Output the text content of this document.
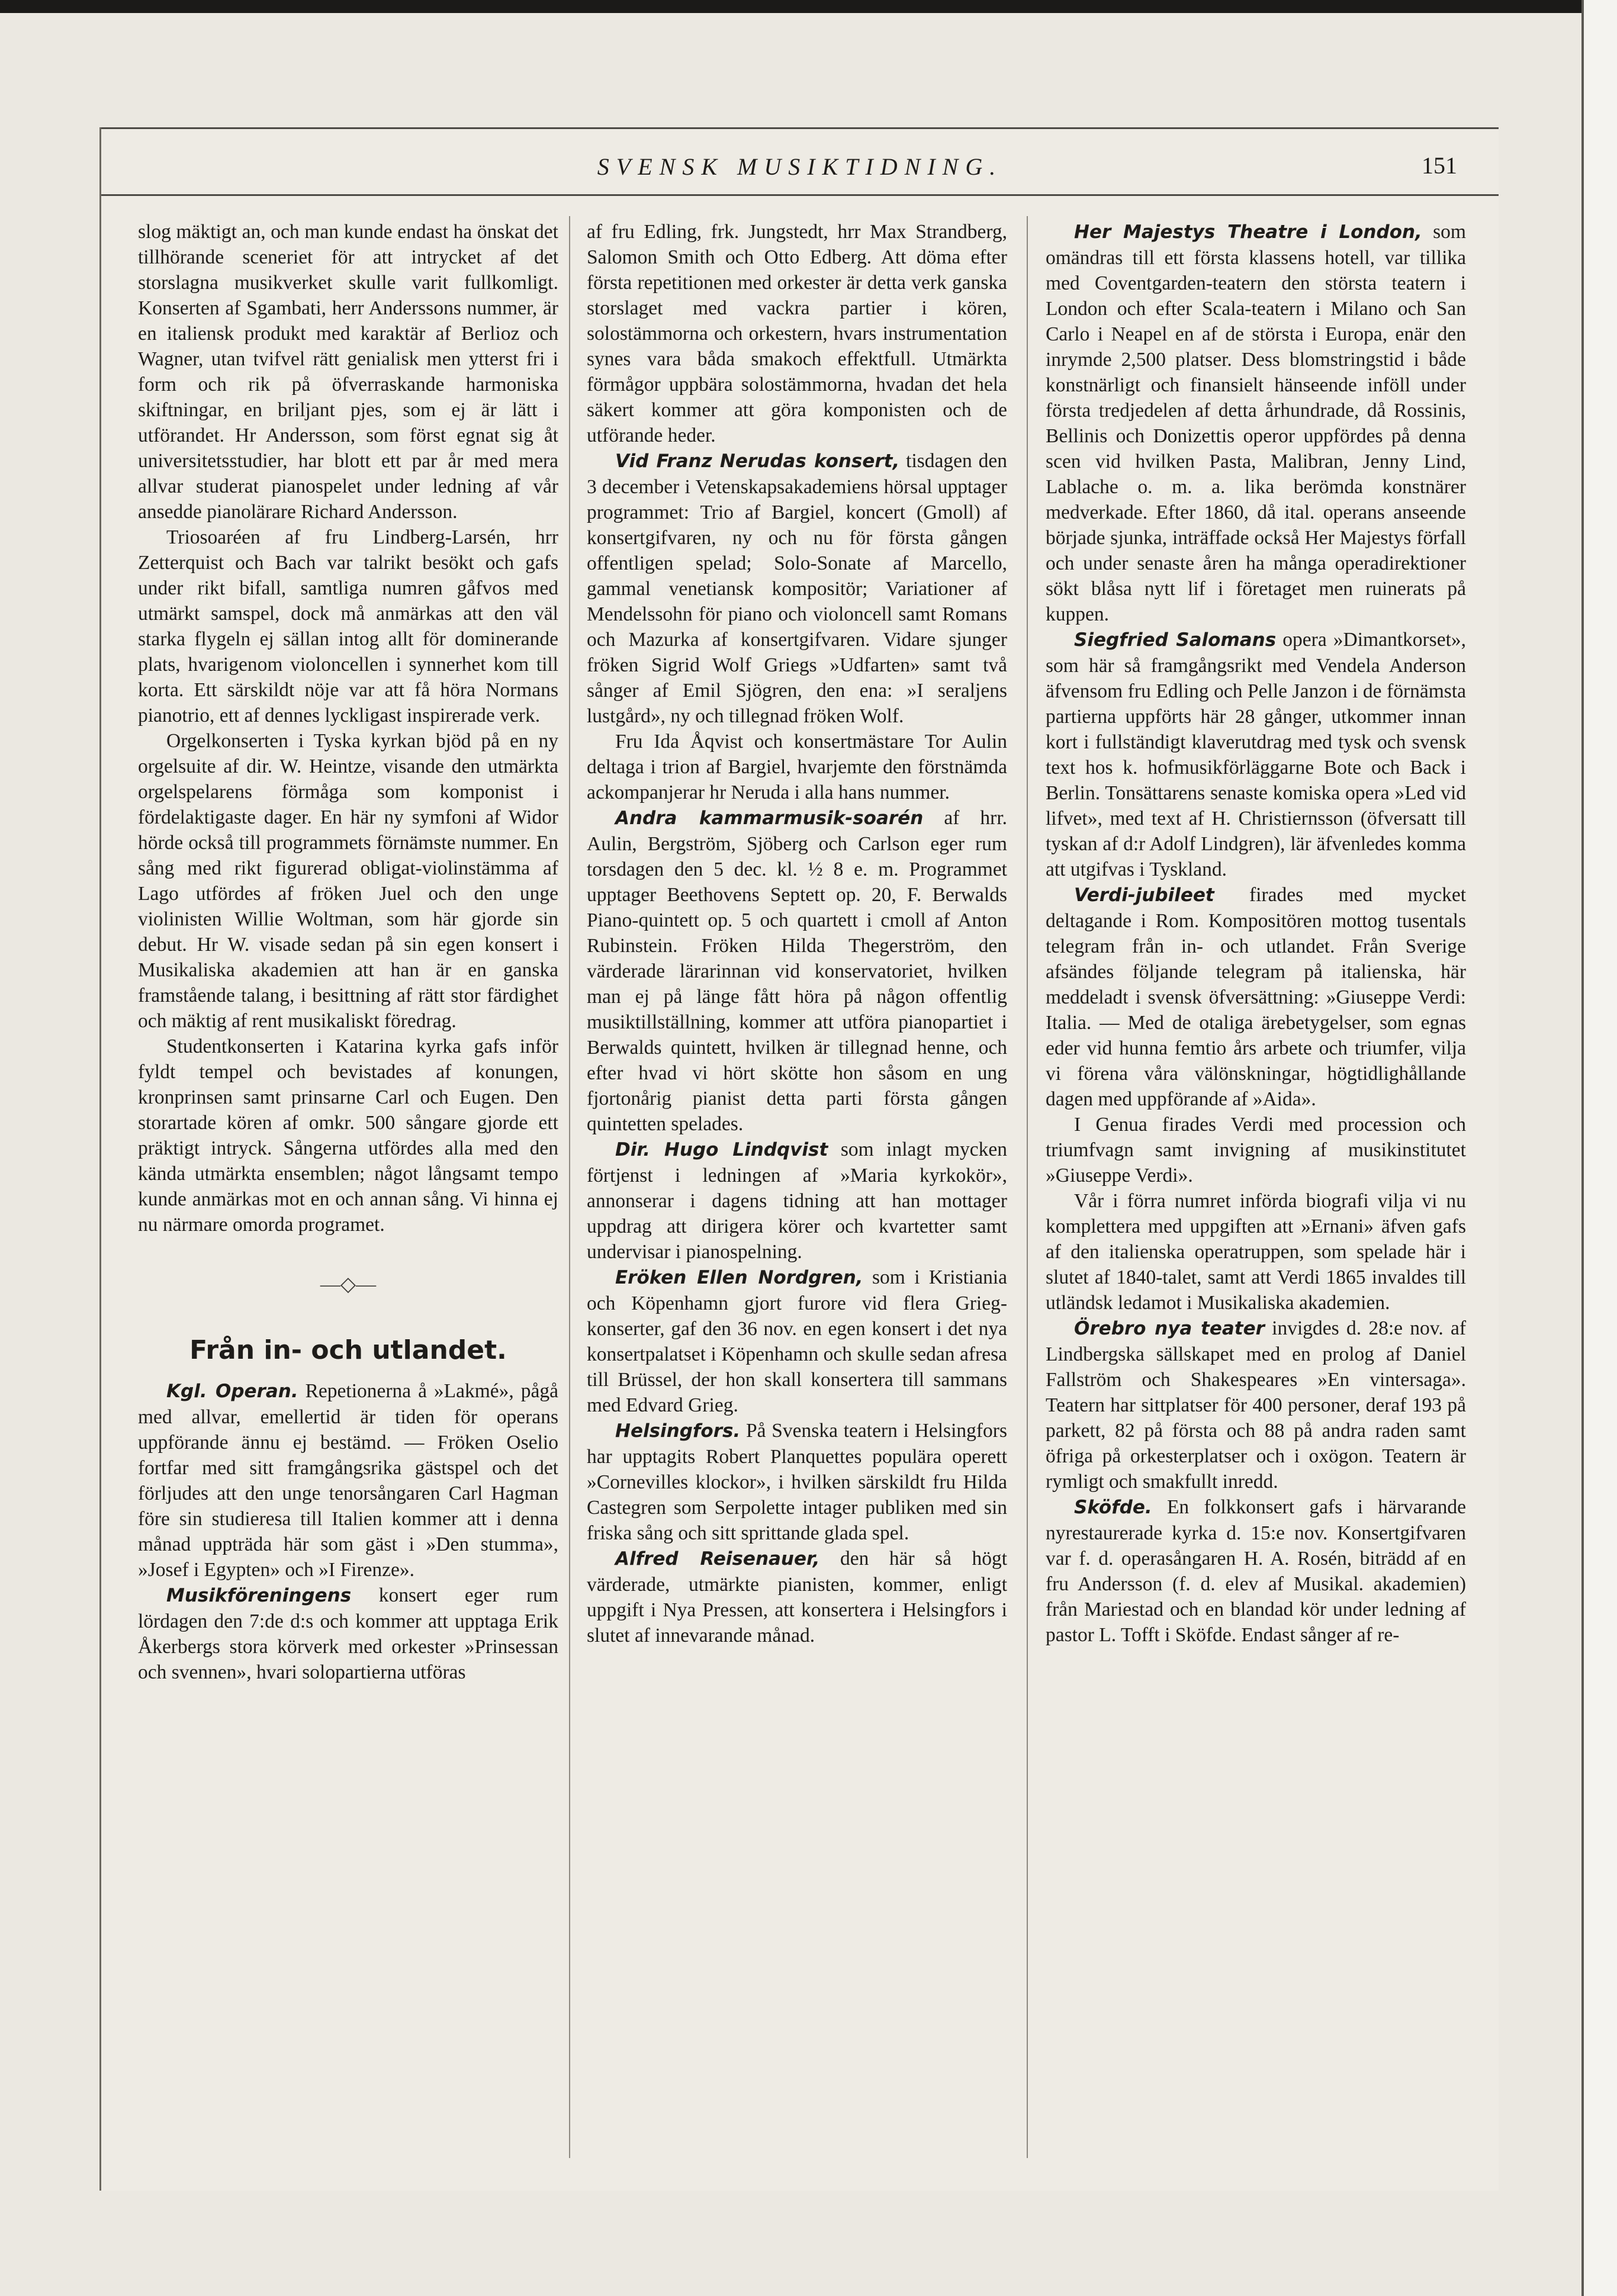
SVENSK MUSIKTIDNING.	151

slog mäktigt an, och man kunde endast ha önskat det tillhörande sceneriet för att intrycket af det storslagna musikverket skulle varit fullkomligt. Konserten af Sgambati, herr Anderssons nummer, är en italiensk produkt med karaktär af Berlioz och Wagner, utan tvifvel rätt genialisk men ytterst fri i form och rik på öfverraskande harmoniska skiftningar, en briljant pjes, som ej är lätt i utförandet. Hr Andersson, som först egnat sig åt universitetsstudier, har blott ett par år med mera allvar studerat pianospelet under ledning af vår ansedde pianolärare Richard Andersson.

Triosoaréen af fru Lindberg-Larsén, hrr Zetterquist och Bach var talrikt besökt och gafs under rikt bifall, samtliga numren gåfvos med utmärkt samspel, dock må anmärkas att den väl starka flygeln ej sällan intog allt för dominerande plats, hvarigenom violoncellen i synnerhet kom till korta. Ett särskildt nöje var att få höra Normans pianotrio, ett af dennes lyckligast inspirerade verk.

Orgelkonserten i Tyska kyrkan bjöd på en ny orgelsuite af dir. W. Heintze, visande den utmärkta orgelspelarens förmåga som komponist i fördelaktigaste dager. En här ny symfoni af Widor hörde också till programmets förnämste nummer. En sång med rikt figurerad obligat-violinstämma af Lago utfördes af fröken Juel och den unge violinisten Willie Woltman, som här gjorde sin debut. Hr W. visade sedan på sin egen konsert i Musikaliska akademien att han är en ganska framstående talang, i besittning af rätt stor färdighet och mäktig af rent musikaliskt föredrag.

Studentkonserten i Katarina kyrka gafs inför fyldt tempel och bevistades af konungen, kronprinsen samt prinsarne Carl och Eugen. Den storartade kören af omkr. 500 sångare gjorde ett präktigt intryck. Sångerna utfördes alla med den kända utmärkta ensemblen; något långsamt tempo kunde anmärkas mot en och annan sång. Vi hinna ej nu närmare omorda programet.

—◇—
Från in- och utlandet.

Kgl. Operan. Repetionerna å »Lakmé», pågå med allvar, emellertid är tiden för operans uppförande ännu ej bestämd. — Fröken Oselio fortfar med sitt framgångsrika gästspel och det förljudes att den unge tenorsångaren Carl Hagman före sin studieresa till Italien kommer att i denna månad uppträda här som gäst i »Den stumma», »Josef i Egypten» och »I Firenze».

Musikföreningens konsert eger rum lördagen den 7:de d:s och kommer att upptaga Erik Åkerbergs stora körverk med orkester »Prinsessan och svennen», hvari solopartierna utföras

af fru Edling, frk. Jungstedt, hrr Max Strandberg, Salomon Smith och Otto Edberg. Att döma efter första repetitionen med orkester är detta verk ganska storslaget med vackra partier i kören, solostämmorna och orkestern, hvars instrumentation synes vara båda smakoch effektfull. Utmärkta förmågor uppbära solostämmorna, hvadan det hela säkert kommer att göra komponisten och de utförande heder.

Vid Franz Nerudas konsert, tisdagen den 3 december i Vetenskapsakademiens hörsal upptager programmet: Trio af Bargiel, koncert (Gmoll) af konsertgifvaren, ny och nu för första gången offentligen spelad; Solo-Sonate af Marcello, gammal venetiansk kompositör; Variationer af Mendelssohn för piano och violoncell samt Romans och Mazurka af konsertgifvaren. Vidare sjunger fröken Sigrid Wolf Griegs »Udfarten» samt två sånger af Emil Sjögren, den ena: »I seraljens lustgård», ny och tillegnad fröken Wolf.

Fru Ida Åqvist och konsertmästare Tor Aulin deltaga i trion af Bargiel, hvarjemte den förstnämda ackompanjerar hr Neruda i alla hans nummer.

Andra kammarmusik-soarén af hrr. Aulin, Bergström, Sjöberg och Carlson eger rum torsdagen den 5 dec. kl. ½ 8 e. m. Programmet upptager Beethovens Septett op. 20, F. Berwalds Piano-quintett op. 5 och quartett i cmoll af Anton Rubinstein. Fröken Hilda Thegerström, den värderade lärarinnan vid konservatoriet, hvilken man ej på länge fått höra på någon offentlig musiktillställning, kommer att utföra pianopartiet i Berwalds quintett, hvilken är tillegnad henne, och efter hvad vi hört skötte hon såsom en ung fjortonårig pianist detta parti första gången quintetten spelades.

Dir. Hugo Lindqvist som inlagt mycken förtjenst i ledningen af »Maria kyrkokör», annonserar i dagens tidning att han mottager uppdrag att dirigera körer och kvartetter samt undervisar i pianospelning.

Eröken Ellen Nordgren, som i Kristiania och Köpenhamn gjort furore vid flera Grieg-konserter, gaf den 36 nov. en egen konsert i det nya konsertpalatset i Köpenhamn och skulle sedan afresa till Brüssel, der hon skall konsertera till sammans med Edvard Grieg.

Helsingfors. På Svenska teatern i Helsingfors har upptagits Robert Planquettes populära operett »Cornevilles klockor», i hvilken särskildt fru Hilda Castegren som Serpolette intager publiken med sin friska sång och sitt sprittande glada spel.

Alfred Reisenauer, den här så högt värderade, utmärkte pianisten, kommer, enligt uppgift i Nya Pressen, att konsertera i Helsingfors i slutet af innevarande månad.

Her Majestys Theatre i London, som omändras till ett första klassens hotell, var tillika med Coventgarden-teatern den största teatern i London och efter Scala-teatern i Milano och San Carlo i Neapel en af de största i Europa, enär den inrymde 2,500 platser. Dess blomstringstid i både konstnärligt och finansielt hänseende inföll under första tredjedelen af detta århundrade, då Rossinis, Bellinis och Donizettis operor uppfördes på denna scen vid hvilken Pasta, Malibran, Jenny Lind, Lablache o. m. a. lika berömda konstnärer medverkade. Efter 1860, då ital. operans anseende började sjunka, inträffade också Her Majestys förfall och under senaste åren ha många operadirektioner sökt blåsa nytt lif i företaget men ruinerats på kuppen.

Siegfried Salomans opera »Dimantkorset», som här så framgångsrikt med Vendela Anderson äfvensom fru Edling och Pelle Janzon i de förnämsta partierna uppförts här 28 gånger, utkommer innan kort i fullständigt klaverutdrag med tysk och svensk text hos k. hofmusikförläggarne Bote och Back i Berlin. Tonsättarens senaste komiska opera »Led vid lifvet», med text af H. Christiernsson (öfversatt till tyskan af d:r Adolf Lindgren), lär äfvenledes komma att utgifvas i Tyskland.

Verdi-jubileet firades med mycket deltagande i Rom. Kompositören mottog tusentals telegram från in- och utlandet. Från Sverige afsändes följande telegram på italienska, här meddeladt i svensk öfversättning: »Giuseppe Verdi: Italia. — Med de otaliga ärebetygelser, som egnas eder vid hunna femtio års arbete och triumfer, vilja vi förena våra välönskningar, högtidlighållande dagen med uppförande af »Aida».

I Genua firades Verdi med procession och triumfvagn samt invigning af musikinstitutet »Giuseppe Verdi».

Vår i förra numret införda biografi vilja vi nu komplettera med uppgiften att »Ernani» äfven gafs af den italienska operatruppen, som spelade här i slutet af 1840-talet, samt att Verdi 1865 invaldes till utländsk ledamot i Musikaliska akademien.

Örebro nya teater invigdes d. 28:e nov. af Lindbergska sällskapet med en prolog af Daniel Fallström och Shakespeares »En vintersaga». Teatern har sittplatser för 400 personer, deraf 193 på parkett, 82 på första och 88 på andra raden samt öfriga på orkesterplatser och i oxögon. Teatern är rymligt och smakfullt inredd.

Sköfde. En folkkonsert gafs i härvarande nyrestaurerade kyrka d. 15:e nov. Konsertgifvaren var f. d. operasångaren H. A. Rosén, biträdd af en fru Andersson (f. d. elev af Musikal. akademien) från Mariestad och en blandad kör under ledning af pastor L. Tofft i Sköfde. Endast sånger af re-
